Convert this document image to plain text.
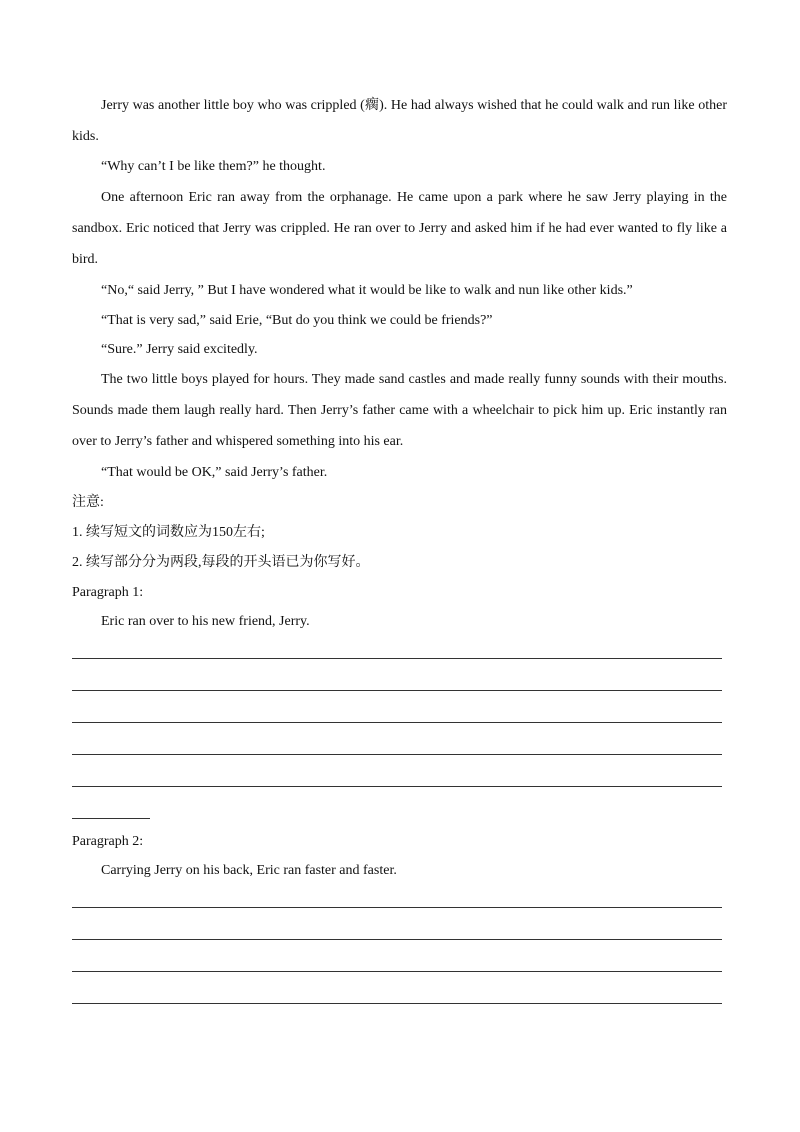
Jerry was another little boy who was crippled (瘸). He had always wished that he could walk and run like other kids.

“Why can’t I be like them?” he thought.

One afternoon Eric ran away from the orphanage. He came upon a park where he saw Jerry playing in the sandbox. Eric noticed that Jerry was crippled. He ran over to Jerry and asked him if he had ever wanted to fly like a bird.

“No,“ said Jerry, ” But I have wondered what it would be like to walk and nun like other kids.”

“That is very sad,” said Erie, “But do you think we could be friends?”

“Sure.” Jerry said excitedly.

The two little boys played for hours. They made sand castles and made really funny sounds with their mouths. Sounds made them laugh really hard. Then Jerry’s father came with a wheelchair to pick him up. Eric instantly ran over to Jerry’s father and whispered something into his ear.

“That would be OK,” said Jerry’s father.

注意:

1. 续写短文的词数应为150左右;

2. 续写部分分为两段,每段的开头语已为你写好。

Paragraph 1:

Eric ran over to his new friend, Jerry.

Paragraph 2:

Carrying Jerry on his back, Eric ran faster and faster.
